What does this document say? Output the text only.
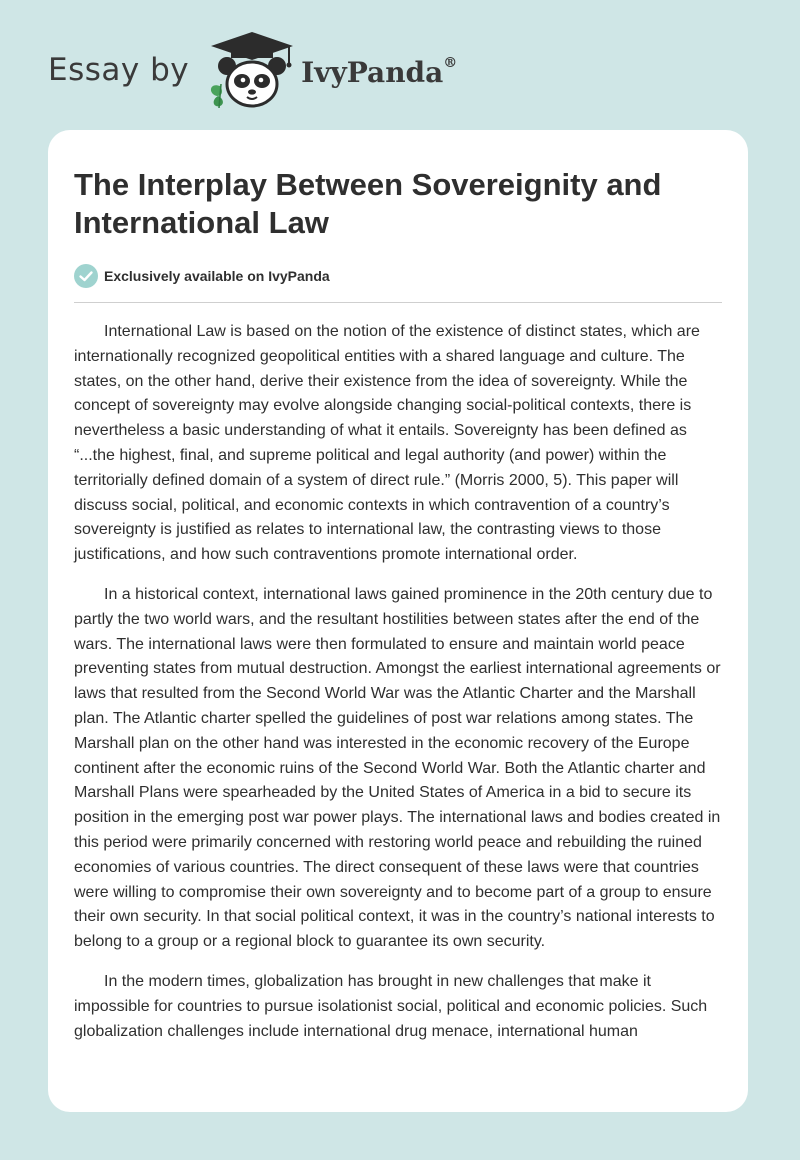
Essay by	IvyPanda®
The Interplay Between Sovereignity and International Law
Exclusively available on IvyPanda

International Law is based on the notion of the existence of distinct states, which are internationally recognized geopolitical entities with a shared language and culture. The states, on the other hand, derive their existence from the idea of sovereignty. While the concept of sovereignty may evolve alongside changing social-political contexts, there is nevertheless a basic understanding of what it entails. Sovereignty has been defined as “...the highest, final, and supreme political and legal authority (and power) within the territorially defined domain of a system of direct rule.” (Morris 2000, 5). This paper will discuss social, political, and economic contexts in which contravention of a country’s sovereignty is justified as relates to international law, the contrasting views to those justifications, and how such contraventions promote international order.

In a historical context, international laws gained prominence in the 20th century due to partly the two world wars, and the resultant hostilities between states after the end of the wars. The international laws were then formulated to ensure and maintain world peace preventing states from mutual destruction. Amongst the earliest international agreements or laws that resulted from the Second World War was the Atlantic Charter and the Marshall plan. The Atlantic charter spelled the guidelines of post war relations among states. The Marshall plan on the other hand was interested in the economic recovery of the Europe continent after the economic ruins of the Second World War. Both the Atlantic charter and Marshall Plans were spearheaded by the United States of America in a bid to secure its position in the emerging post war power plays. The international laws and bodies created in this period were primarily concerned with restoring world peace and rebuilding the ruined economies of various countries. The direct consequent of these laws were that countries were willing to compromise their own sovereignty and to become part of a group to ensure their own security. In that social political context, it was in the country’s national interests to belong to a group or a regional block to guarantee its own security.

In the modern times, globalization has brought in new challenges that make it impossible for countries to pursue isolationist social, political and economic policies. Such globalization challenges include international drug menace, international human
